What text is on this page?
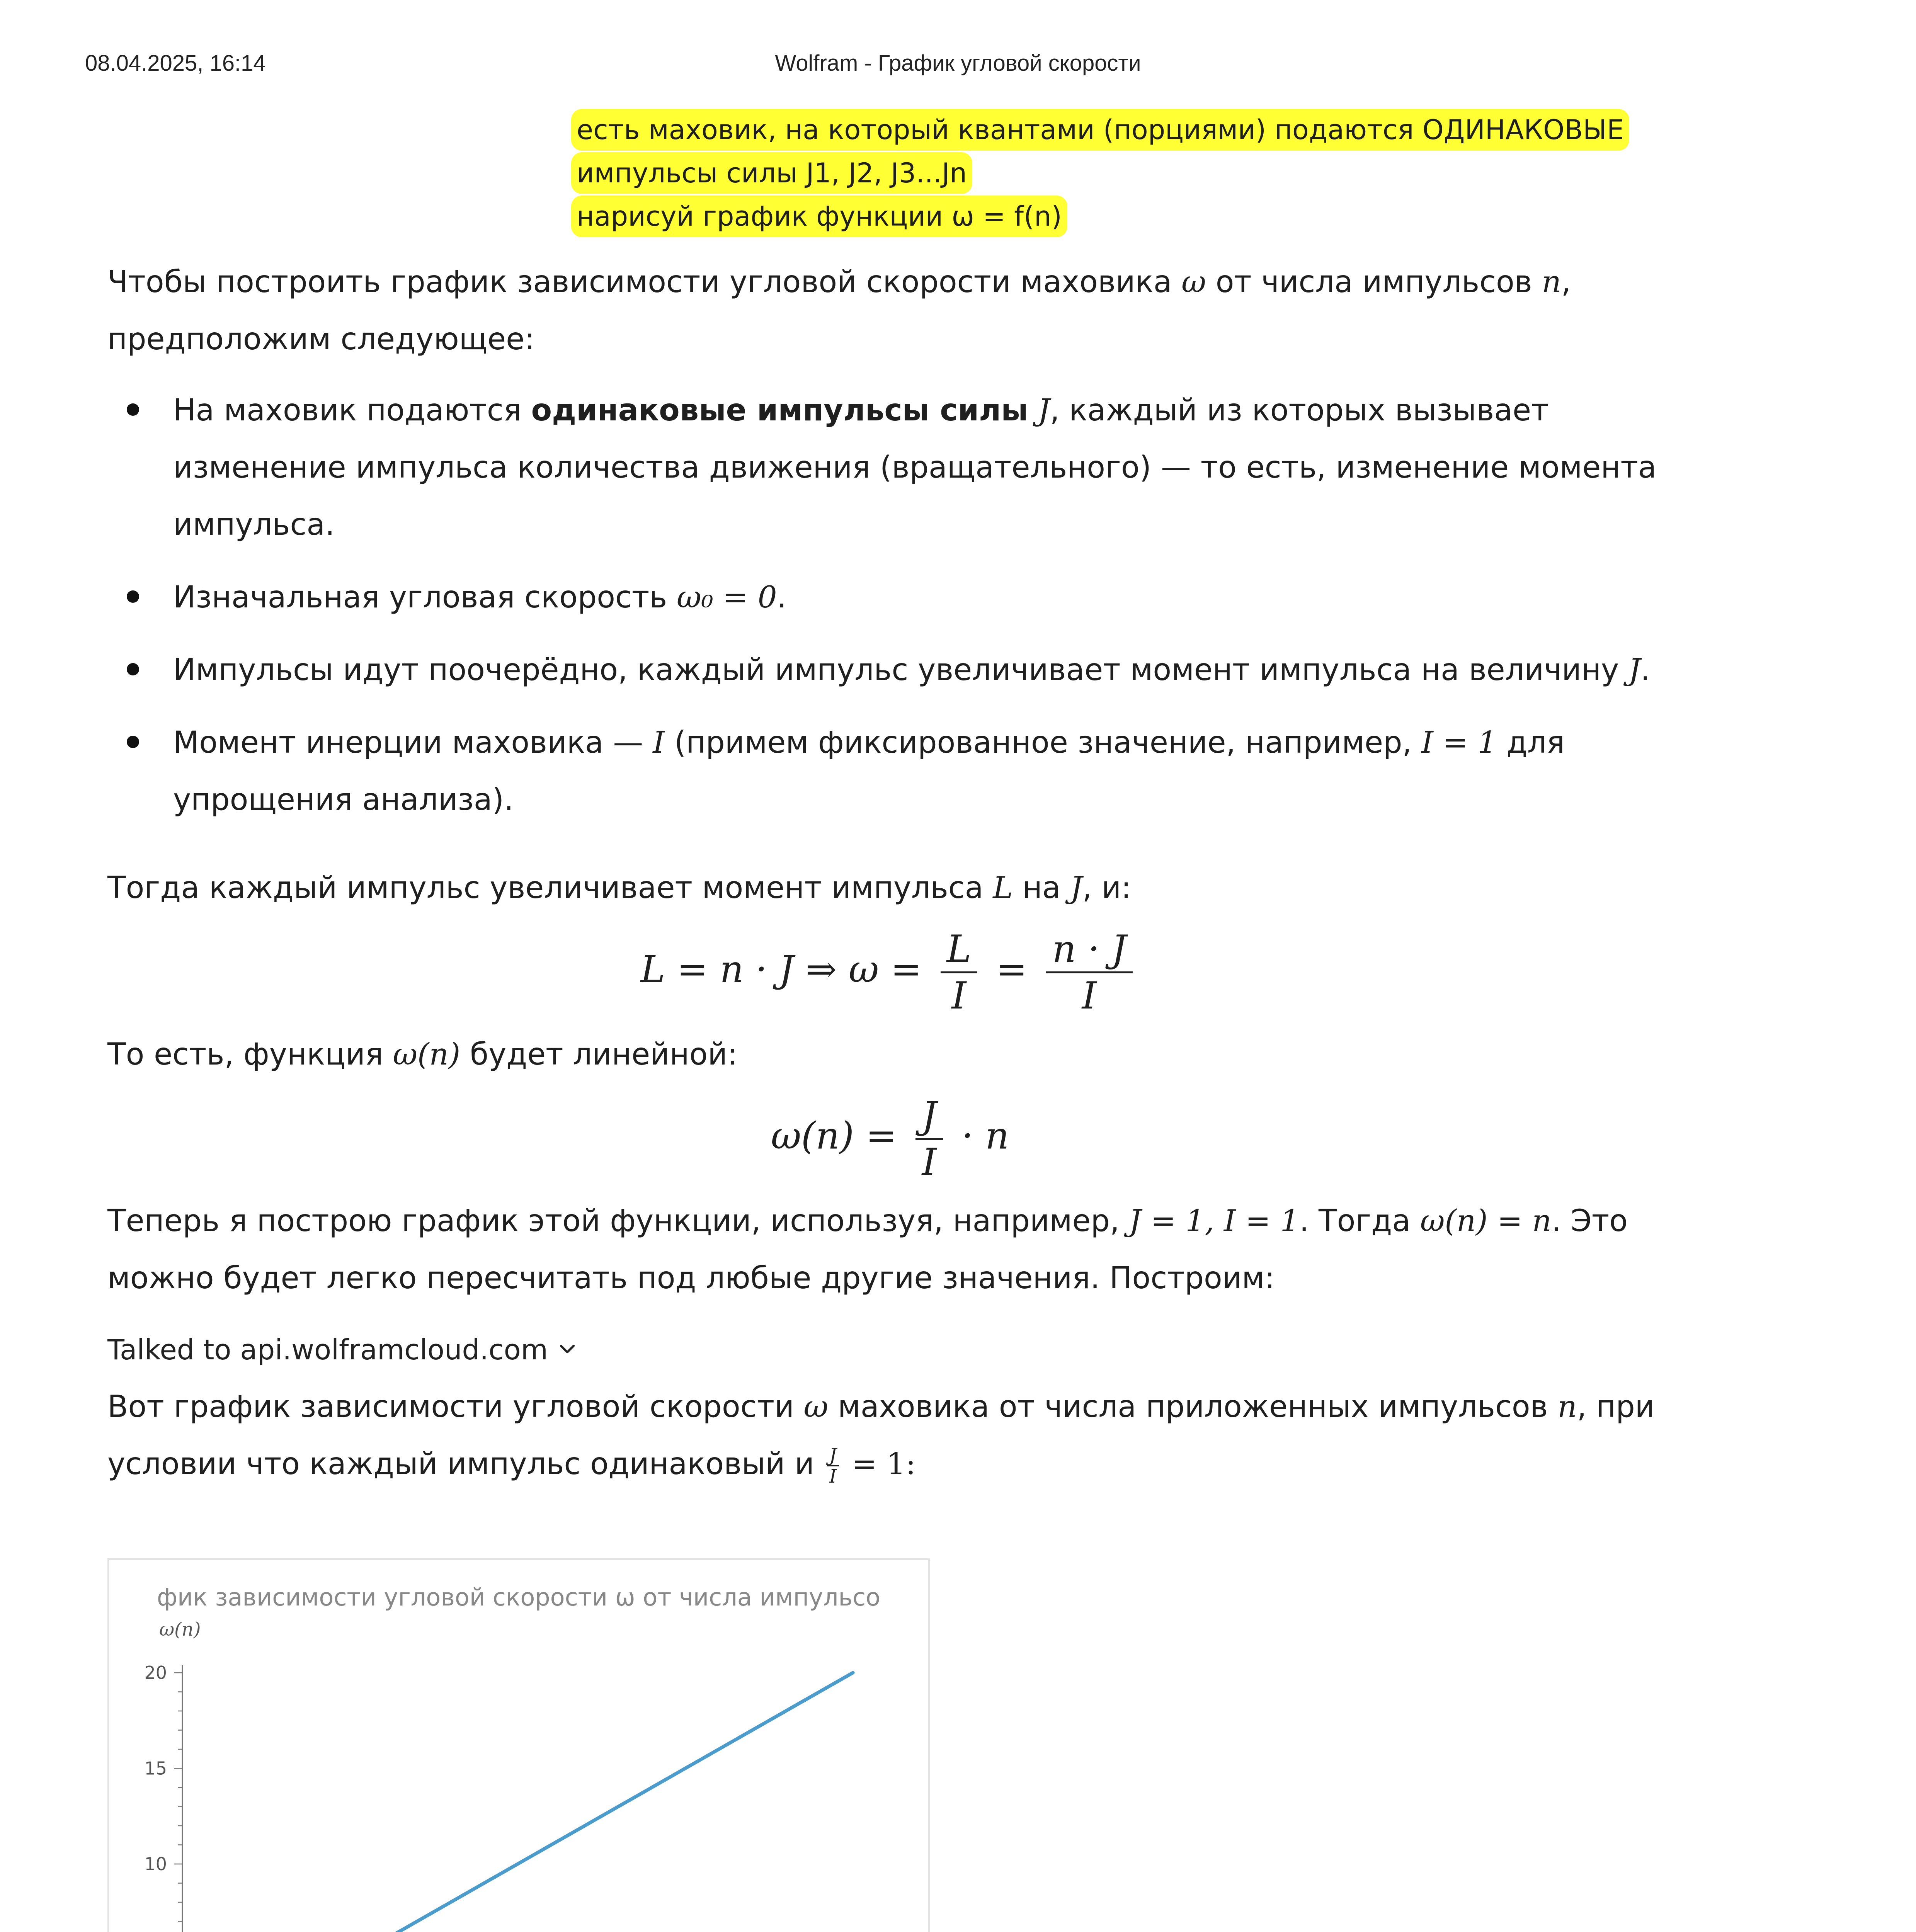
08.04.2025, 16:14	Wolfram - График угловой скорости
есть маховик, на который квантами (порциями) подаются ОДИНАКОВЫЕ
импульсы силы J1, J2, J3...Jn
нарисуй график функции ω = f(n)

Чтобы построить график зависимости угловой скорости маховика ω от числа импульсов n,
предположим следующее:

На маховик подаются одинаковые импульсы силы J, каждый из которых вызывает изменение импульса количества движения (вращательного) — то есть, изменение момента импульса.
Изначальная угловая скорость ω₀ = 0.
Импульсы идут поочерёдно, каждый импульс увеличивает момент импульса на величину J.
Момент инерции маховика — I (примем фиксированное значение, например, I = 1 для упрощения анализа).

Тогда каждый импульс увеличивает момент импульса L на J, и:

L = n · J ⇒ $\omega = \frac{L}{I} = \frac{n \cdot J}{I}$

То есть, функция ω(n) будет линейной:

$\omega(n) = \frac{J}{I} \cdot n$

Теперь я построю график этой функции, используя, например, J = 1, I = 1. Тогда ω(n) = n. Это можно будет легко пересчитать под любые другие значения. Построим:

Talked to api.wolframcloud.com

Вот график зависимости угловой скорости ω маховика от числа приложенных импульсов n, при условии что каждый импульс одинаковый и $\frac{J}{I} = 1$:

фик зависимости угловой скорости ω от числа импульсо
ω(n)
10
15
20
